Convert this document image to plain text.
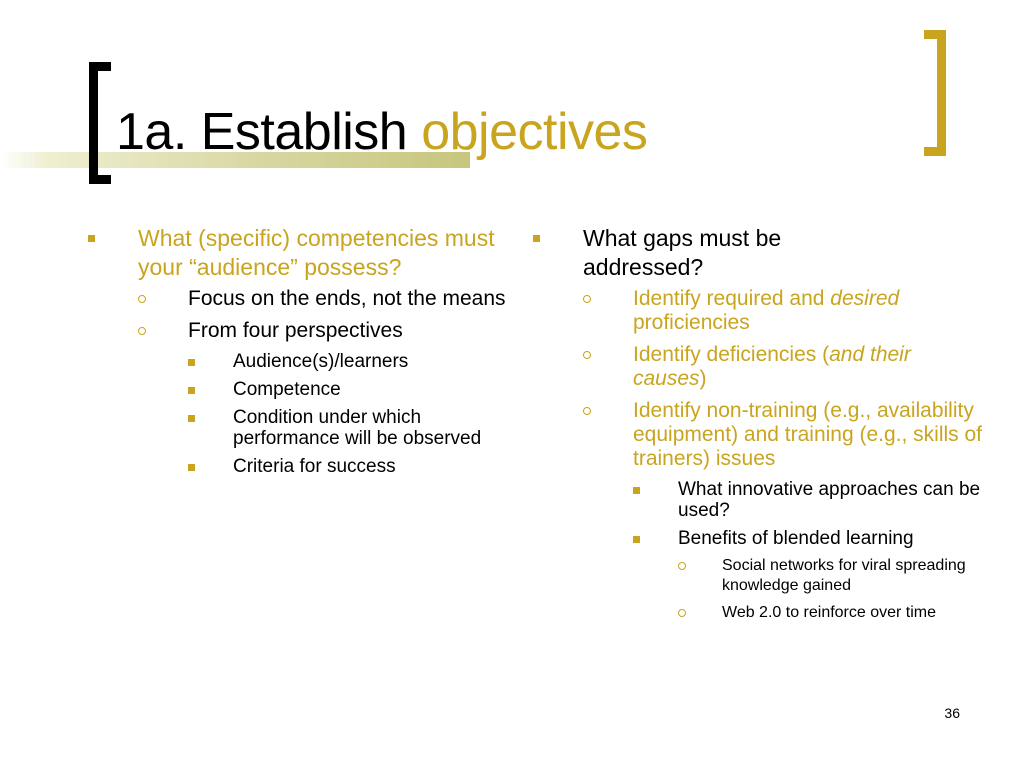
1a. Establish objectives
What (specific) competencies must your “audience” possess?
Focus on the ends, not the means
From four perspectives
Audience(s)/learners
Competence
Condition under which performance will be observed
Criteria for success
What gaps must be addressed?
Identify required and desired proficiencies
Identify deficiencies (and their causes)
Identify non-training (e.g., availability equipment) and training (e.g., skills of trainers) issues
What innovative approaches can be used?
Benefits of blended learning
Social networks for viral spreading knowledge gained
Web 2.0 to reinforce over time
36
